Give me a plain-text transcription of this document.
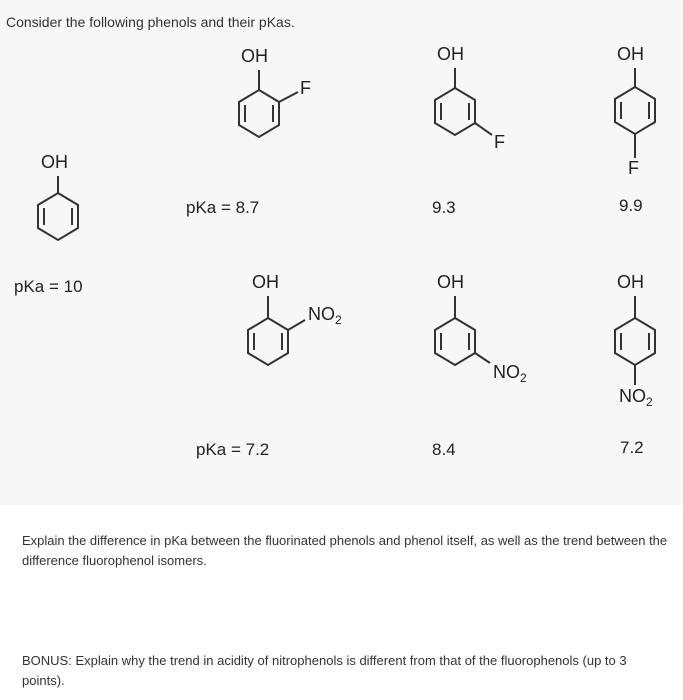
Consider the following phenols and their pKas.
OH
pKa = 10
OH
F
OH
F
OH
F
pKa = 8.7	9.3	9.9
OH
$NO_2$
OH
$NO_2$
OH
$NO_2$
pKa = 7.2	8.4	7.2
Explain the difference in pKa between the fluorinated phenols and phenol itself, as well as the trend between the difference fluorophenol isomers.
BONUS: Explain why the trend in acidity of nitrophenols is different from that of the fluorophenols (up to 3 points).
